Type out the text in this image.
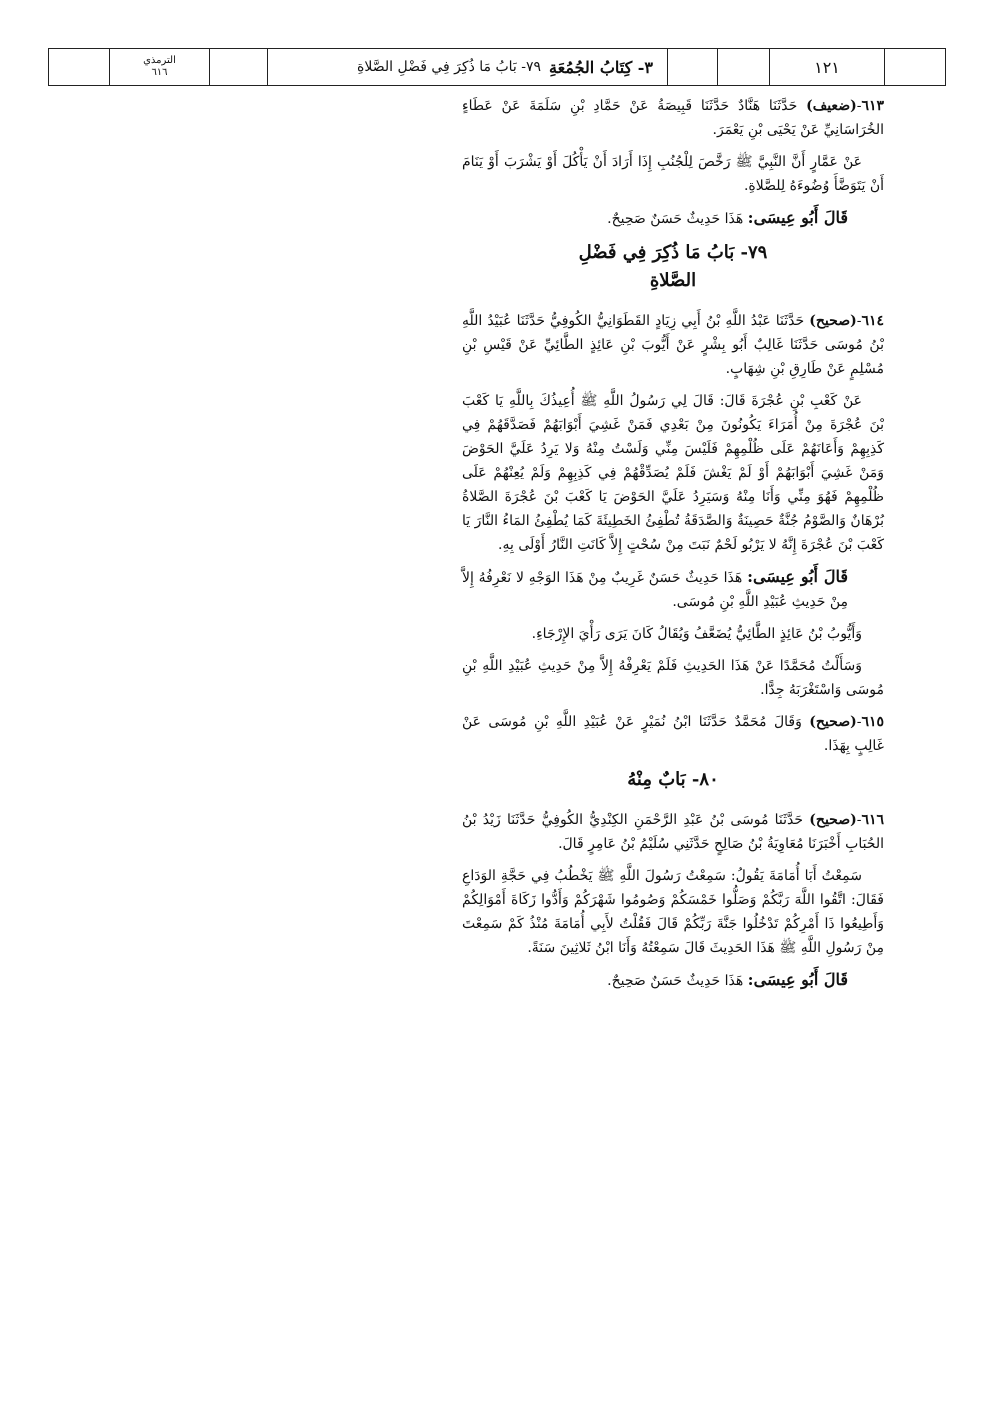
الترمذي
٦١٦	٣- كِتَابُ الجُمُعَةِ
٧٩- بَابُ مَا ذُكِرَ فِي فَضْلِ الصَّلاةِ	١٢١

٦١٣-(ضعيف) حَدَّثَنَا هَنَّادٌ حَدَّثَنَا قَبِيصَةُ عَنْ حَمَّادِ بْنِ سَلَمَةَ عَنْ عَطَاءٍ الخُرَاسَانِيِّ عَنْ يَحْيَى بْنِ يَعْمَرَ.

عَنْ عَمَّارٍ أَنَّ النَّبِيَّ ﷺ رَخَّصَ لِلْجُنُبِ إِذَا أَرَادَ أَنْ يَأْكُلَ أَوْ يَشْرَبَ أَوْ يَنَامَ أَنْ يَتَوَضَّأَ وُضُوءَهُ لِلصَّلاةِ.

قَالَ أَبُو عِيسَى: هَذَا حَدِيثٌ حَسَنٌ صَحِيحٌ.

٧٩- بَابُ مَا ذُكِرَ فِي فَضْلِ
الصَّلاةِ

٦١٤-(صحيح) حَدَّثَنَا عَبْدُ اللَّهِ بْنُ أَبِي زِيَادٍ القَطَوَانِيُّ الكُوفِيُّ حَدَّثَنَا عُبَيْدُ اللَّهِ بْنُ مُوسَى حَدَّثَنَا غَالِبٌ أَبُو بِشْرٍ عَنْ أَيُّوبَ بْنِ عَائِذٍ الطَّائِيِّ عَنْ قَيْسِ بْنِ مُسْلِمٍ عَنْ طَارِقِ بْنِ شِهَابٍ.

عَنْ كَعْبِ بْنِ عُجْرَةَ قَالَ: قَالَ لِي رَسُولُ اللَّهِ ﷺ أُعِيذُكَ بِاللَّهِ يَا كَعْبَ بْنَ عُجْرَةَ مِنْ أُمَرَاءَ يَكُونُونَ مِنْ بَعْدِي فَمَنْ غَشِيَ أَبْوَابَهُمْ فَصَدَّقَهُمْ فِي كَذِبِهِمْ وَأَعَانَهُمْ عَلَى ظُلْمِهِمْ فَلَيْسَ مِنِّي وَلَسْتُ مِنْهُ وَلا يَرِدُ عَلَيَّ الحَوْضَ وَمَنْ غَشِيَ أَبْوَابَهُمْ أَوْ لَمْ يَغْشَ فَلَمْ يُصَدِّقْهُمْ فِي كَذِبِهِمْ وَلَمْ يُعِنْهُمْ عَلَى ظُلْمِهِمْ فَهُوَ مِنِّي وَأَنَا مِنْهُ وَسَيَرِدُ عَلَيَّ الحَوْضَ يَا كَعْبَ بْنَ عُجْرَةَ الصَّلاةُ بُرْهَانٌ وَالصَّوْمُ جُنَّةٌ حَصِينَةٌ وَالصَّدَقَةُ تُطْفِئُ الخَطِيئَةَ كَمَا يُطْفِئُ المَاءُ النَّارَ يَا كَعْبَ بْنَ عُجْرَةَ إِنَّهُ لا يَرْبُو لَحْمٌ نَبَتَ مِنْ سُحْتٍ إِلاَّ كَانَتِ النَّارُ أَوْلَى بِهِ.

قَالَ أَبُو عِيسَى: هَذَا حَدِيثٌ حَسَنٌ غَرِيبٌ مِنْ هَذَا الوَجْهِ لا نَعْرِفُهُ إِلاَّ مِنْ حَدِيثِ عُبَيْدِ اللَّهِ بْنِ مُوسَى.

وَأَيُّوبُ بْنُ عَائِذٍ الطَّائِيُّ يُضَعَّفُ وَيُقَالُ كَانَ يَرَى رَأْيَ الإِرْجَاءِ.

وَسَأَلْتُ مُحَمَّدًا عَنْ هَذَا الحَدِيثِ فَلَمْ يَعْرِفْهُ إِلاَّ مِنْ حَدِيثِ عُبَيْدِ اللَّهِ بْنِ مُوسَى وَاسْتَغْرَبَهُ جِدًّا.

٦١٥-(صحيح) وَقَالَ مُحَمَّدٌ حَدَّثَنَا ابْنُ نُمَيْرٍ عَنْ عُبَيْدِ اللَّهِ بْنِ مُوسَى عَنْ غَالِبٍ بِهَذَا.

٨٠- بَابٌ مِنْهُ

٦١٦-(صحيح) حَدَّثَنَا مُوسَى بْنُ عَبْدِ الرَّحْمَنِ الكِنْدِيُّ الكُوفِيُّ حَدَّثَنَا زَيْدُ بْنُ الحُبَابِ أَخْبَرَنَا مُعَاوِيَةُ بْنُ صَالِحٍ حَدَّثَنِي سُلَيْمُ بْنُ عَامِرٍ قَالَ.

سَمِعْتُ أَبَا أُمَامَةَ يَقُولُ: سَمِعْتُ رَسُولَ اللَّهِ ﷺ يَخْطُبُ فِي حَجَّةِ الوَدَاعِ فَقَالَ: اتَّقُوا اللَّهَ رَبَّكُمْ وَصَلُّوا خَمْسَكُمْ وَصُومُوا شَهْرَكُمْ وَأَدُّوا زَكَاةَ أَمْوَالِكُمْ وَأَطِيعُوا ذَا أَمْرِكُمْ تَدْخُلُوا جَنَّةَ رَبِّكُمْ قَالَ فَقُلْتُ لأَبِي أُمَامَةَ مُنْذُ كَمْ سَمِعْتَ مِنْ رَسُولِ اللَّهِ ﷺ هَذَا الحَدِيثَ قَالَ سَمِعْتُهُ وَأَنَا ابْنُ ثَلاثِينَ سَنَةً.

قَالَ أَبُو عِيسَى: هَذَا حَدِيثٌ حَسَنٌ صَحِيحٌ.
